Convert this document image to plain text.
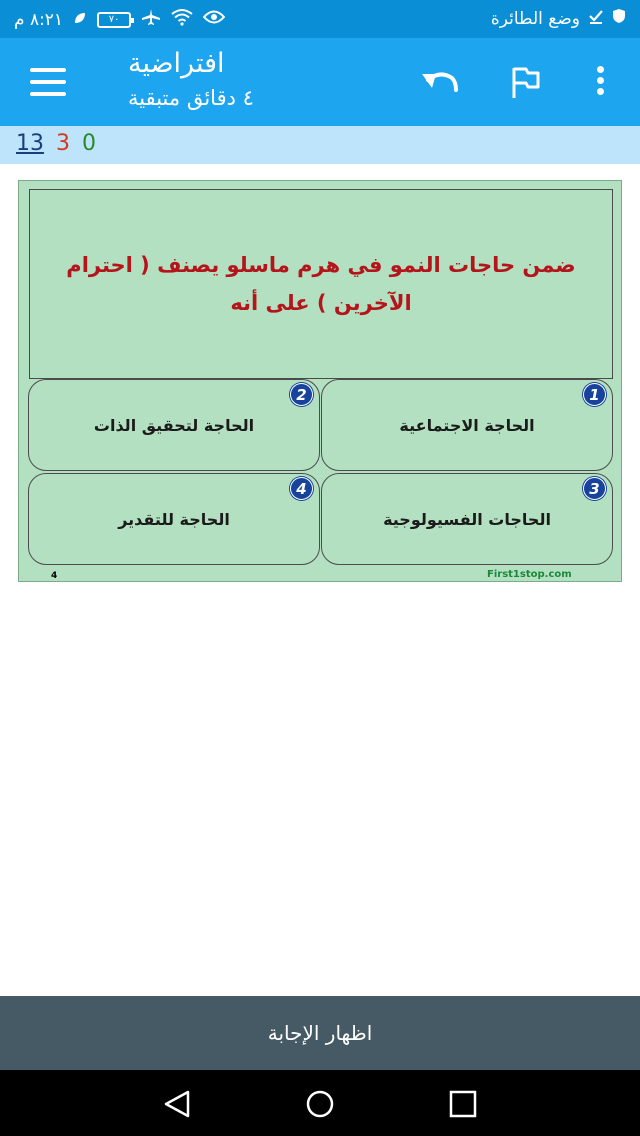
٨:٢١ م	٧٠	وضع الطائرة
افتراضية
٤ دقائق متبقية
13 3 0
ضمن حاجات النمو في هرم ماسلو يصنف ( احترام الآخرين ) على أنه
1
الحاجة الاجتماعية
2
الحاجة لتحقيق الذات
3
الحاجات الفسيولوجية
4
الحاجة للتقدير
4	First1stop.com
اظهار الإجابة
